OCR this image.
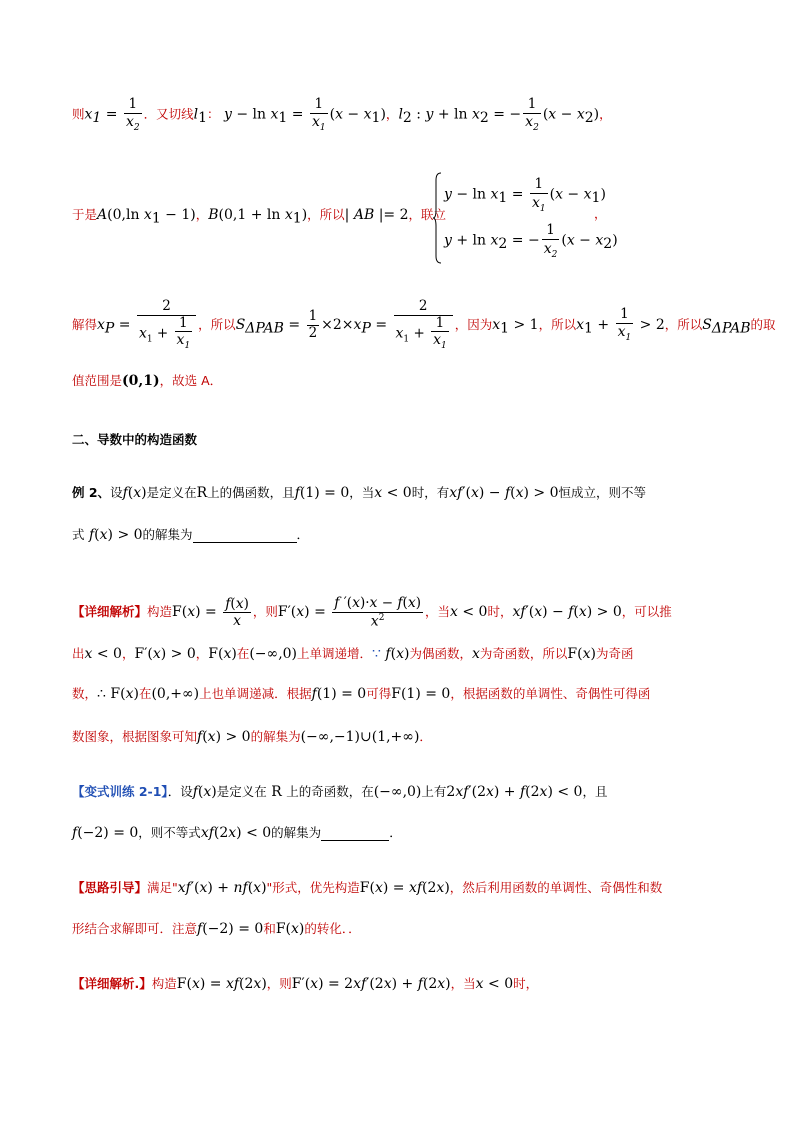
则$x_1 = \frac{1}{x_2}$ ．又切线$l_1$： $y - \ln x_1 = \frac{1}{x_1} (x - x_1)$，$l_2$ : $y + \ln x_2$ = − $\frac{1}{x_2} (x - x_2)$，
于是A(0,ln $x_1 - 1$)，$B(0,1 + \ln x_1)$，所以| AB |= 2，联立
$y - \ln x_1 = \frac{1}{x_1} (x - x_1)$
$y + \ln x_2$ = − $\frac{1}{x_2} (x - x_2)$
，
解得$x_P = \frac{2}{x_1 + \frac{1}{x_1}}$ ，所以$S_{\Delta PAB} = \frac{1}{2} \times 2\times x_P = \frac{2}{x_1 + \frac{1}{x_1}}$ ，因为$x_1 > 1$，所以$x_1 + \frac{1}{x_1} > 2$，所以$S_{\Delta PAB}$的取
值范围是(0,1)，故选 A．
二、导数中的构造函数
例 2、设f(x)是定义在R上的偶函数，且f(1) = 0，当x < 0时，有xf′(x) − f(x) > 0恒成立，则不等
式 f(x) > 0的解集为	．
【详细解析】构造$F(x) = \frac{f(x)}{x}$ ，则$F'(x) = \frac{f '(x)\cdot x - f(x)}{x^2}$ ，当x < 0时，xf′(x) − f(x) > 0，可以推
出x < 0，F′(x) > 0，F(x)在(−∞,0)上单调递增．∵ f(x)为偶函数，x为奇函数，所以F(x)为奇函
数，∴ F(x)在(0,+∞)上也单调递减．根据f(1) = 0可得F(1) = 0，根据函数的单调性、奇偶性可得函
数图象，根据图象可知f(x) > 0的解集为(−∞,−1)∪(1,+∞)．
【变式训练 2-1】．设f(x)是定义在 R 上的奇函数，在(−∞,0)上有2xf′(2x) + f(2x) < 0，且
f(−2) = 0，则不等式xf(2x) < 0的解集为	．
【思路引导】满足"xf′(x) + nf(x)"形式，优先构造F(x) = xf(2x)，然后利用函数的单调性、奇偶性和数
形结合求解即可．注意f(−2) = 0和F(x)的转化．．
【详细解析.】构造F(x) = xf(2x)，则F′(x) = 2xf′(2x) + f(2x)，当x < 0时，
